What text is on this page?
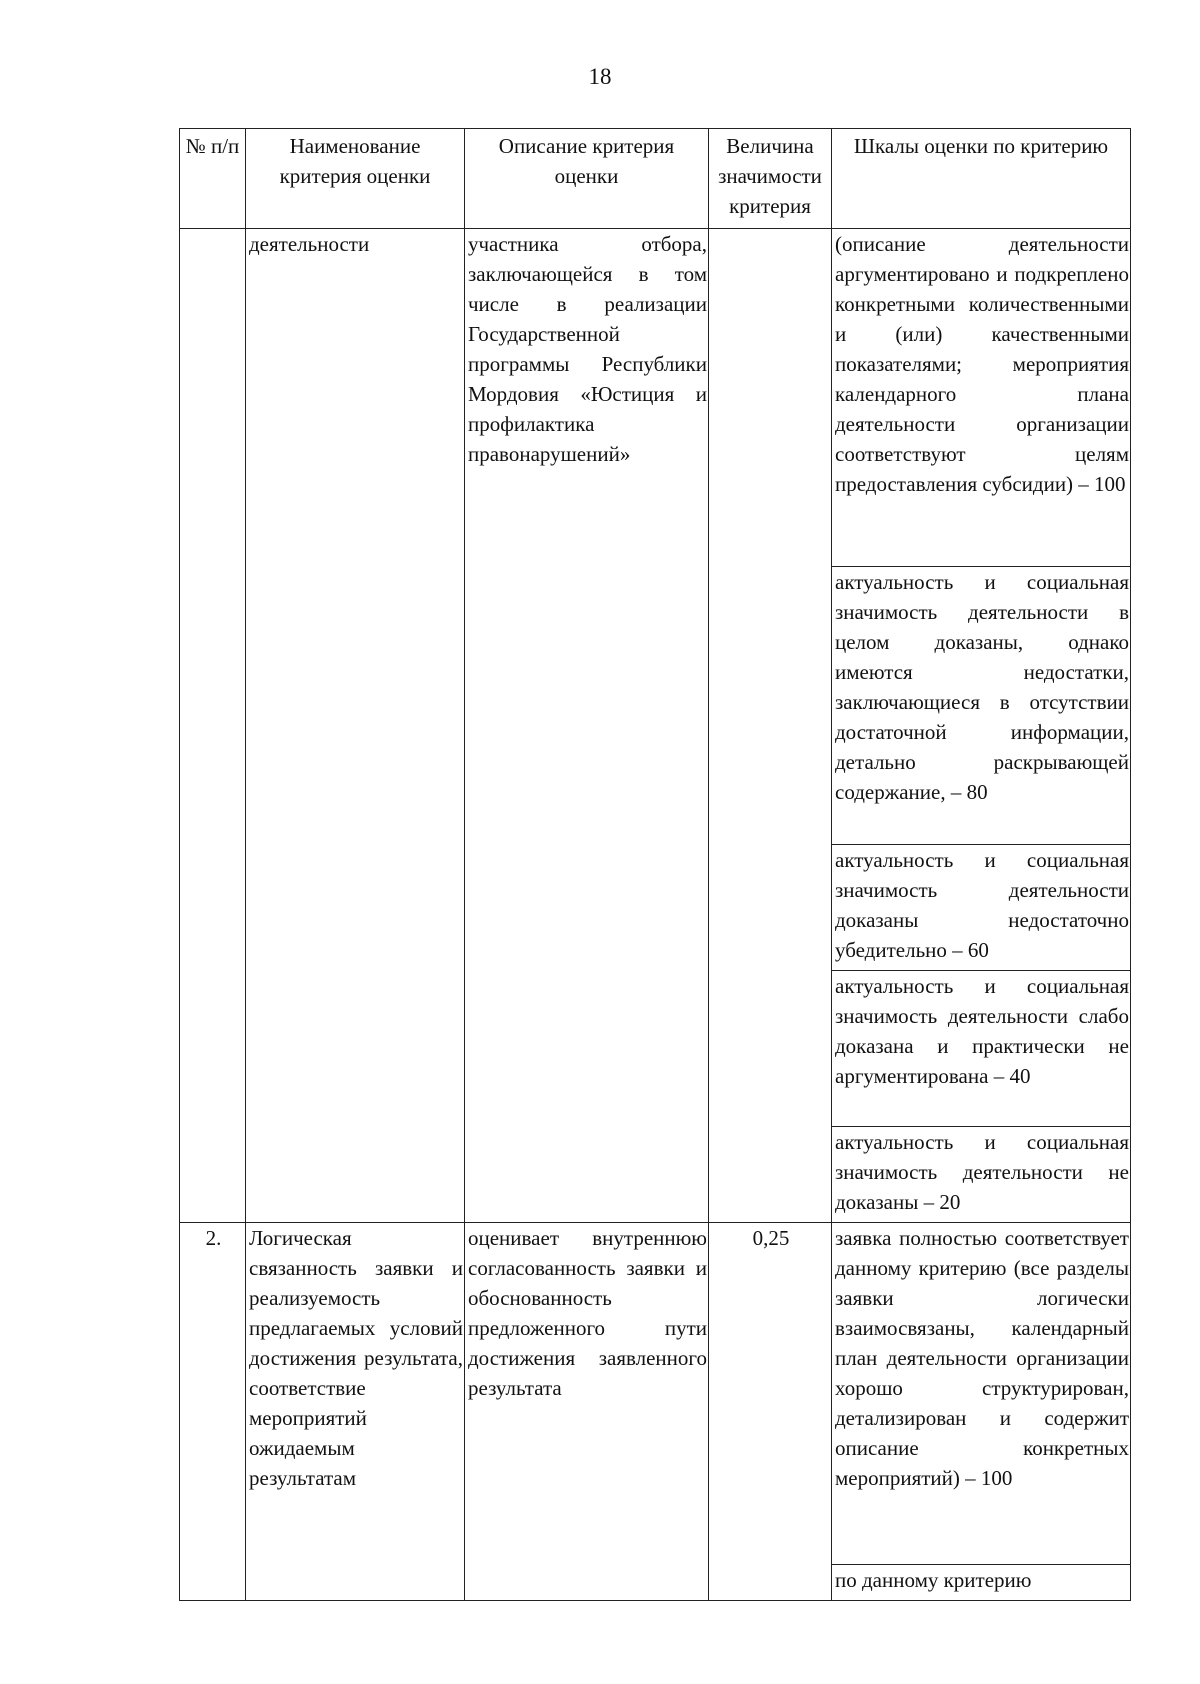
18
№ п/п	Наименование критерия оценки	Описание критерия оценки	Величина значимости критерия	Шкалы оценки по критерию
	деятельности	участника отбора, заключающейся в том числе в реализации Государственной программы Республики Мордовия «Юстиция и профилактика правонарушений»		(описание деятельности аргументировано и подкреплено конкретными количественными и (или) качественными показателями; мероприятия календарного плана деятельности организации соответствуют целям предоставления субсидии) – 100
				актуальность и социальная значимость деятельности в целом доказаны, однако имеются недостатки, заключающиеся в отсутствии достаточной информации, детально раскрывающей содержание, – 80
				актуальность и социальная значимость деятельности доказаны недостаточно убедительно – 60
				актуальность и социальная значимость деятельности слабо доказана и практически не аргументирована – 40
				актуальность и социальная значимость деятельности не доказаны – 20
2.	Логическая связанность заявки и реализуемость предлагаемых условий достижения результата, соответствие мероприятий ожидаемым результатам	оценивает внутреннюю согласованность заявки и обоснованность предложенного пути достижения заявленного результата	0,25	заявка полностью соответствует данному критерию (все разделы заявки логически взаимосвязаны, календарный план деятельности организации хорошо структурирован, детализирован и содержит описание конкретных мероприятий) – 100
				по данному критерию
